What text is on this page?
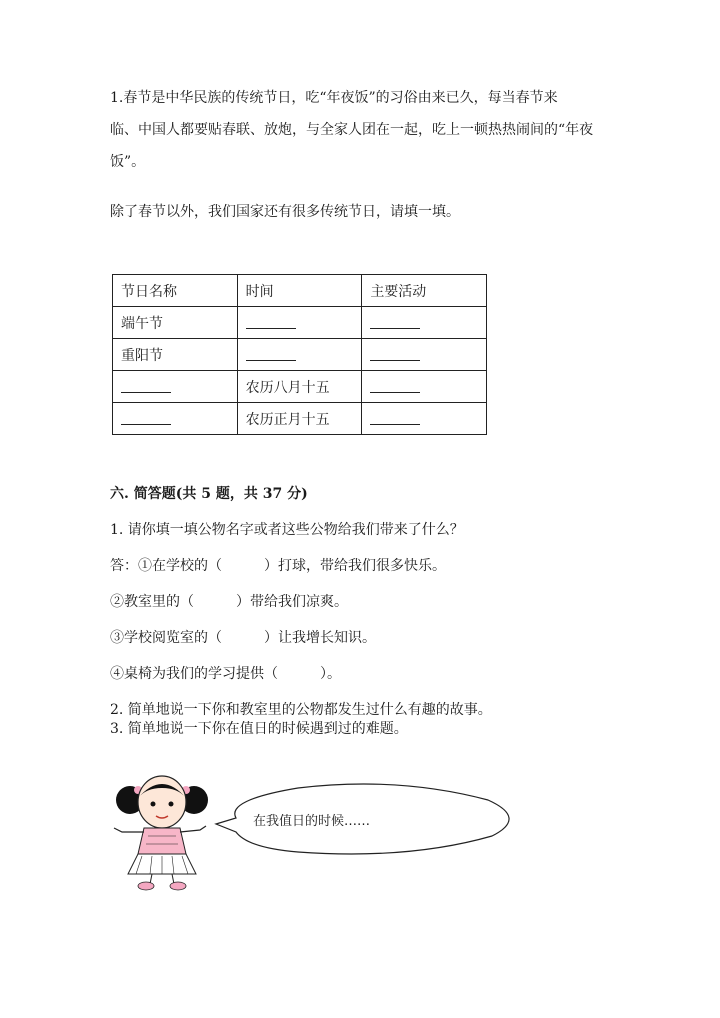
1.春节是中华民族的传统节日，吃“年夜饭”的习俗由来已久，每当春节来
临、中国人都要贴春联、放炮，与全家人团在一起，吃上一顿热热闹间的“年夜
饭”。
除了春节以外，我们国家还有很多传统节日，请填一填。
节日名称	时间	主要活动
端午节		
重阳节		
	农历八月十五	
	农历正月十五	
六. 简答题(共 5 题，共 37 分)
1. 请你填一填公物名字或者这些公物给我们带来了什么？
答：①在学校的（　　　）打球，带给我们很多快乐。
②教室里的（　　　）带给我们凉爽。
③学校阅览室的（　　　）让我增长知识。
④桌椅为我们的学习提供（　　　）。
2. 简单地说一下你和教室里的公物都发生过什么有趣的故事。
3. 简单地说一下你在值日的时候遇到过的难题。
在我值日的时候……
